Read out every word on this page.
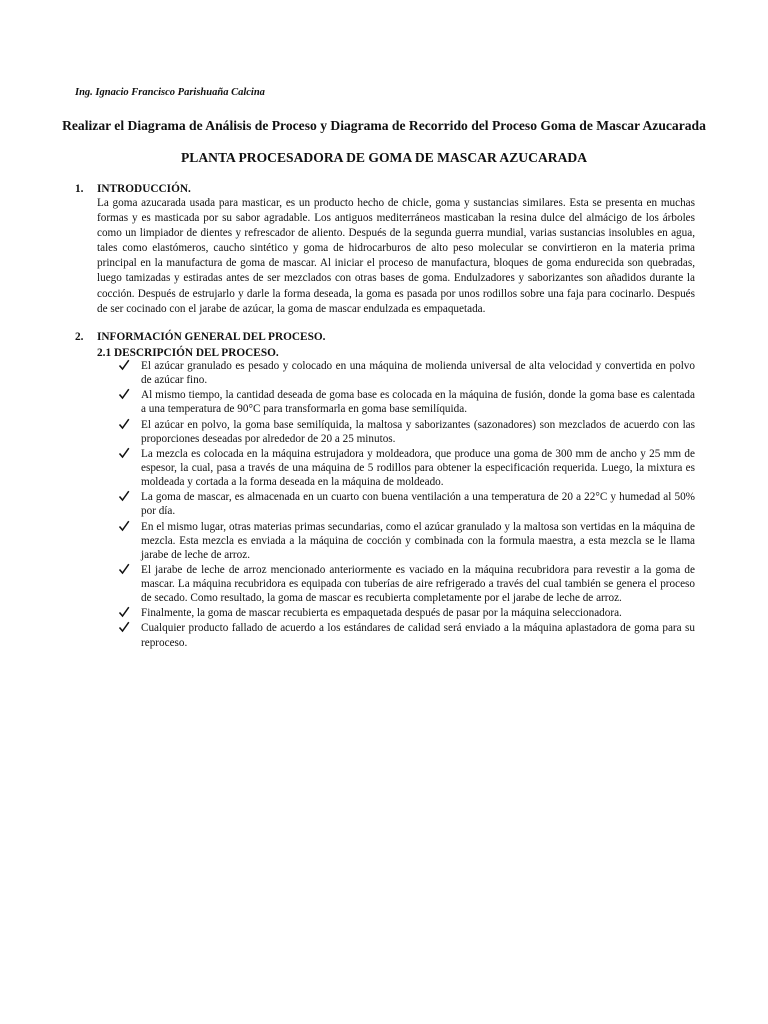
Ing. Ignacio Francisco Parishuaña Calcina
Realizar el Diagrama de Análisis de Proceso y Diagrama de Recorrido del Proceso Goma de Mascar Azucarada
PLANTA PROCESADORA DE GOMA DE MASCAR AZUCARADA
1. INTRODUCCIÓN.
La goma azucarada usada para masticar, es un producto hecho de chicle, goma y sustancias similares. Esta se presenta en muchas formas y es masticada por su sabor agradable. Los antiguos mediterráneos masticaban la resina dulce del almácigo de los árboles como un limpiador de dientes y refrescador de aliento. Después de la segunda guerra mundial, varias sustancias insolubles en agua, tales como elastómeros, caucho sintético y goma de hidrocarburos de alto peso molecular se convirtieron en la materia prima principal en la manufactura de goma de mascar. Al iniciar el proceso de manufactura, bloques de goma endurecida son quebradas, luego tamizadas y estiradas antes de ser mezclados con otras bases de goma. Endulzadores y saborizantes son añadidos durante la cocción. Después de estrujarlo y darle la forma deseada, la goma es pasada por unos rodillos sobre una faja para cocinarlo. Después de ser cocinado con el jarabe de azúcar, la goma de mascar endulzada es empaquetada.
2. INFORMACIÓN GENERAL DEL PROCESO.
2.1 DESCRIPCIÓN DEL PROCESO.
El azúcar granulado es pesado y colocado en una máquina de molienda universal de alta velocidad y convertida en polvo de azúcar fino.
Al mismo tiempo, la cantidad deseada de goma base es colocada en la máquina de fusión, donde la goma base es calentada a una temperatura de 90°C para transformarla en goma base semilíquida.
El azúcar en polvo, la goma base semilíquida, la maltosa y saborizantes (sazonadores) son mezclados de acuerdo con las proporciones deseadas por alrededor de 20 a 25 minutos.
La mezcla es colocada en la máquina estrujadora y moldeadora, que produce una goma de 300 mm de ancho y 25 mm de espesor, la cual, pasa a través de una máquina de 5 rodillos para obtener la especificación requerida. Luego, la mixtura es moldeada y cortada a la forma deseada en la máquina de moldeado.
La goma de mascar, es almacenada en un cuarto con buena ventilación a una temperatura de 20 a 22°C y humedad al 50% por día.
En el mismo lugar, otras materias primas secundarias, como el azúcar granulado y la maltosa son vertidas en la máquina de mezcla. Esta mezcla es enviada a la máquina de cocción y combinada con la formula maestra, a esta mezcla se le llama jarabe de leche de arroz.
El jarabe de leche de arroz mencionado anteriormente es vaciado en la máquina recubridora para revestir a la goma de mascar. La máquina recubridora es equipada con tuberías de aire refrigerado a través del cual también se genera el proceso de secado. Como resultado, la goma de mascar es recubierta completamente por el jarabe de leche de arroz.
Finalmente, la goma de mascar recubierta es empaquetada después de pasar por la máquina seleccionadora.
Cualquier producto fallado de acuerdo a los estándares de calidad será enviado a la máquina aplastadora de goma para su reproceso.
